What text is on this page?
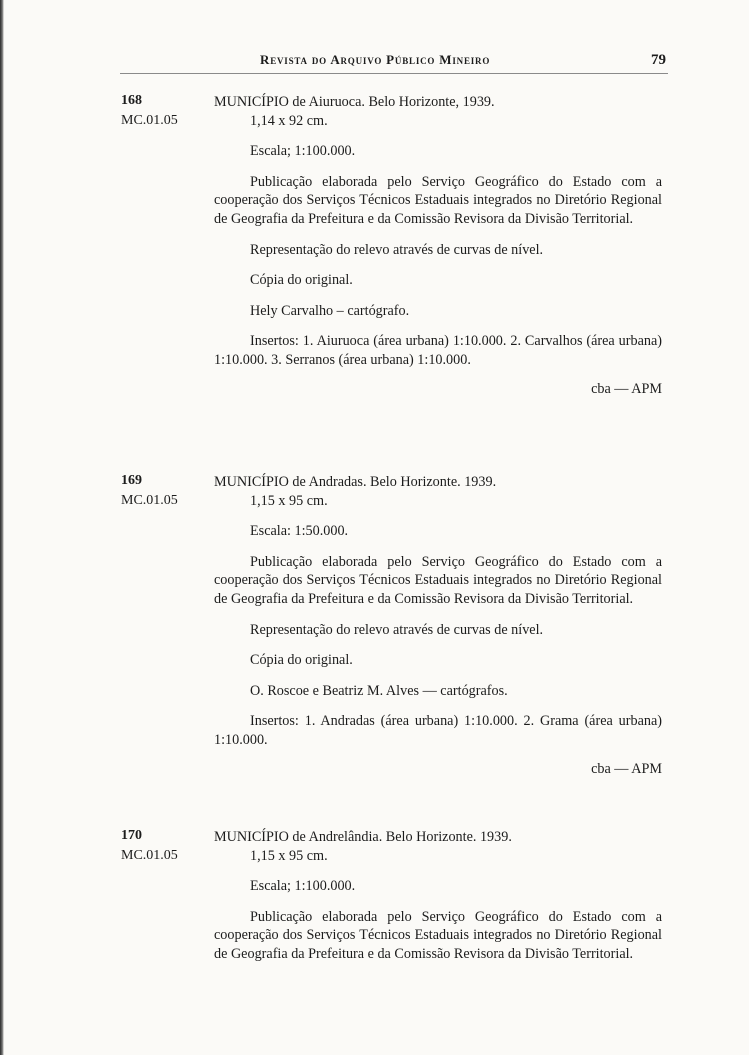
Revista do Arquivo Público Mineiro	79
168
MC.01.05

MUNICÍPIO de Aiuruoca. Belo Horizonte, 1939.

1,14 x 92 cm.

Escala; 1:100.000.

Publicação elaborada pelo Serviço Geográfico do Estado com a cooperação dos Serviços Técnicos Estaduais integrados no Diretório Regional de Geografia da Prefeitura e da Comissão Revisora da Divisão Territorial.

Representação do relevo através de curvas de nível.

Cópia do original.

Hely Carvalho – cartógrafo.

Insertos: 1. Aiuruoca (área urbana) 1:10.000. 2. Carvalhos (área urbana) 1:10.000. 3. Serranos (área urbana) 1:10.000.

cba — APM

169
MC.01.05

MUNICÍPIO de Andradas. Belo Horizonte. 1939.

1,15 x 95 cm.

Escala: 1:50.000.

Publicação elaborada pelo Serviço Geográfico do Estado com a cooperação dos Serviços Técnicos Estaduais integrados no Diretório Regional de Geografia da Prefeitura e da Comissão Revisora da Divisão Territorial.

Representação do relevo através de curvas de nível.

Cópia do original.

O. Roscoe e Beatriz M. Alves — cartógrafos.

Insertos: 1. Andradas (área urbana) 1:10.000. 2. Grama (área urbana) 1:10.000.

cba — APM

170
MC.01.05

MUNICÍPIO de Andrelândia. Belo Horizonte. 1939.

1,15 x 95 cm.

Escala; 1:100.000.

Publicação elaborada pelo Serviço Geográfico do Estado com a cooperação dos Serviços Técnicos Estaduais integrados no Diretório Regional de Geografia da Prefeitura e da Comissão Revisora da Divisão Territorial.
